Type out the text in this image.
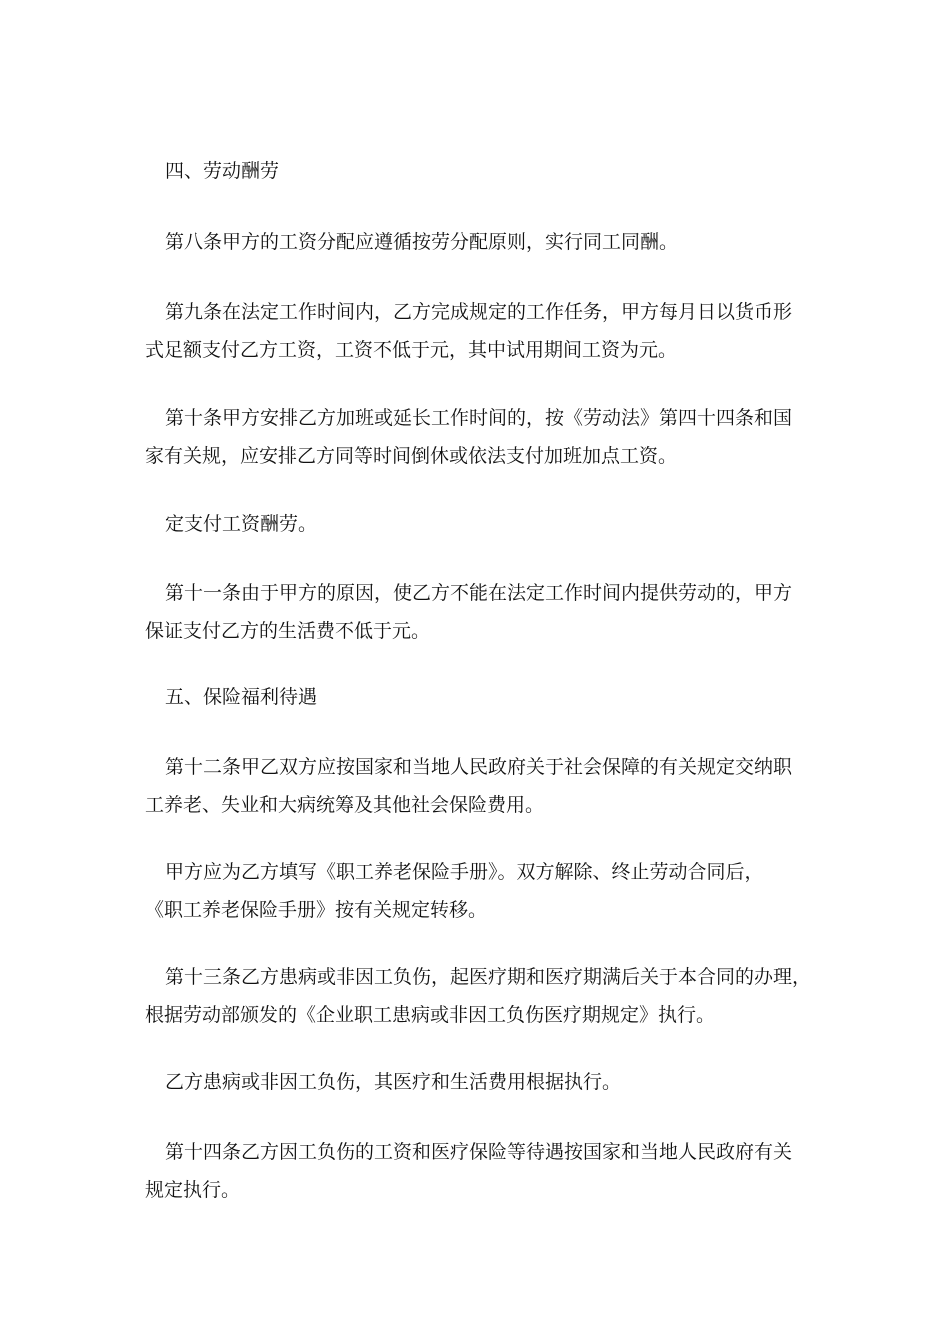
四、劳动酬劳
第八条甲方的工资分配应遵循按劳分配原则，实行同工同酬。
第九条在法定工作时间内，乙方完成规定的工作任务，甲方每月日以货币形
式足额支付乙方工资，工资不低于元，其中试用期间工资为元。
第十条甲方安排乙方加班或延长工作时间的，按《劳动法》第四十四条和国
家有关规，应安排乙方同等时间倒休或依法支付加班加点工资。
定支付工资酬劳。
第十一条由于甲方的原因，使乙方不能在法定工作时间内提供劳动的，甲方
保证支付乙方的生活费不低于元。
五、保险福利待遇
第十二条甲乙双方应按国家和当地人民政府关于社会保障的有关规定交纳职
工养老、失业和大病统筹及其他社会保险费用。
甲方应为乙方填写《职工养老保险手册》。双方解除、终止劳动合同后，
《职工养老保险手册》按有关规定转移。
第十三条乙方患病或非因工负伤，起医疗期和医疗期满后关于本合同的办理，
根据劳动部颁发的《企业职工患病或非因工负伤医疗期规定》执行。
乙方患病或非因工负伤，其医疗和生活费用根据执行。
第十四条乙方因工负伤的工资和医疗保险等待遇按国家和当地人民政府有关
规定执行。
